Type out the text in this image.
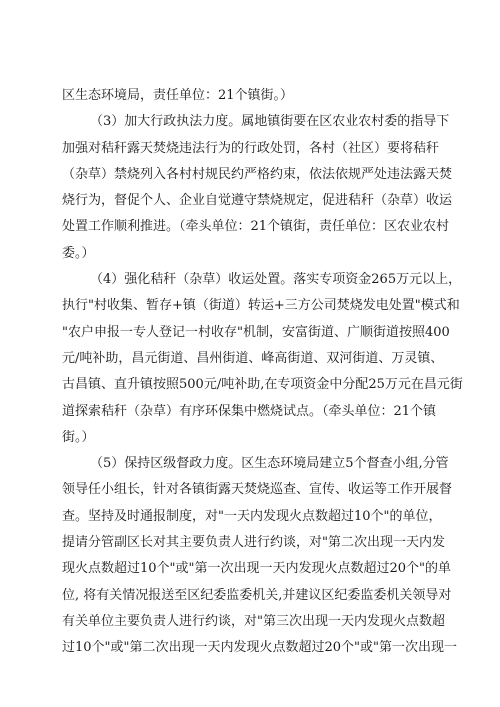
区生态环境局，责任单位：21个镇街。）
（3）加大行政执法力度。属地镇街要在区农业农村委的指导下
加强对秸秆露天焚烧违法行为的行政处罚，各村（社区）要将秸秆
（杂草）禁烧列入各村村规民约严格约束，依法依规严处违法露天焚
烧行为，督促个人、企业自觉遵守禁烧规定，促进秸秆（杂草）收运
处置工作顺利推进。（牵头单位：21个镇街，责任单位：区农业农村
委。）
（4）强化秸秆（杂草）收运处置。落实专项资金265万元以上，
执行"村收集、暂存+镇（街道）转运+三方公司焚烧发电处置"模式和
"农户申报一专人登记一村收存"机制，安富街道、广顺街道按照400
元/吨补助，昌元街道、昌州街道、峰高街道、双河街道、万灵镇、
古昌镇、直升镇按照500元/吨补助,在专项资金中分配25万元在昌元街
道探索秸秆（杂草）有序环保集中燃烧试点。（牵头单位：21个镇
街。）
（5）保持区级督政力度。区生态环境局建立5个督查小组,分管
领导任小组长，针对各镇街露天焚烧巡查、宣传、收运等工作开展督
查。坚持及时通报制度，对"一天内发现火点数超过10个"的单位，
提请分管副区长对其主要负责人进行约谈，对"第二次出现一天内发
现火点数超过10个"或"第一次出现一天内发现火点数超过20个"的单
位, 将有关情况报送至区纪委监委机关,并建议区纪委监委机关领导对
有关单位主要负责人进行约谈，对"第三次出现一天内发现火点数超
过10个"或"第二次出现一天内发现火点数超过20个"或"第一次出现一
